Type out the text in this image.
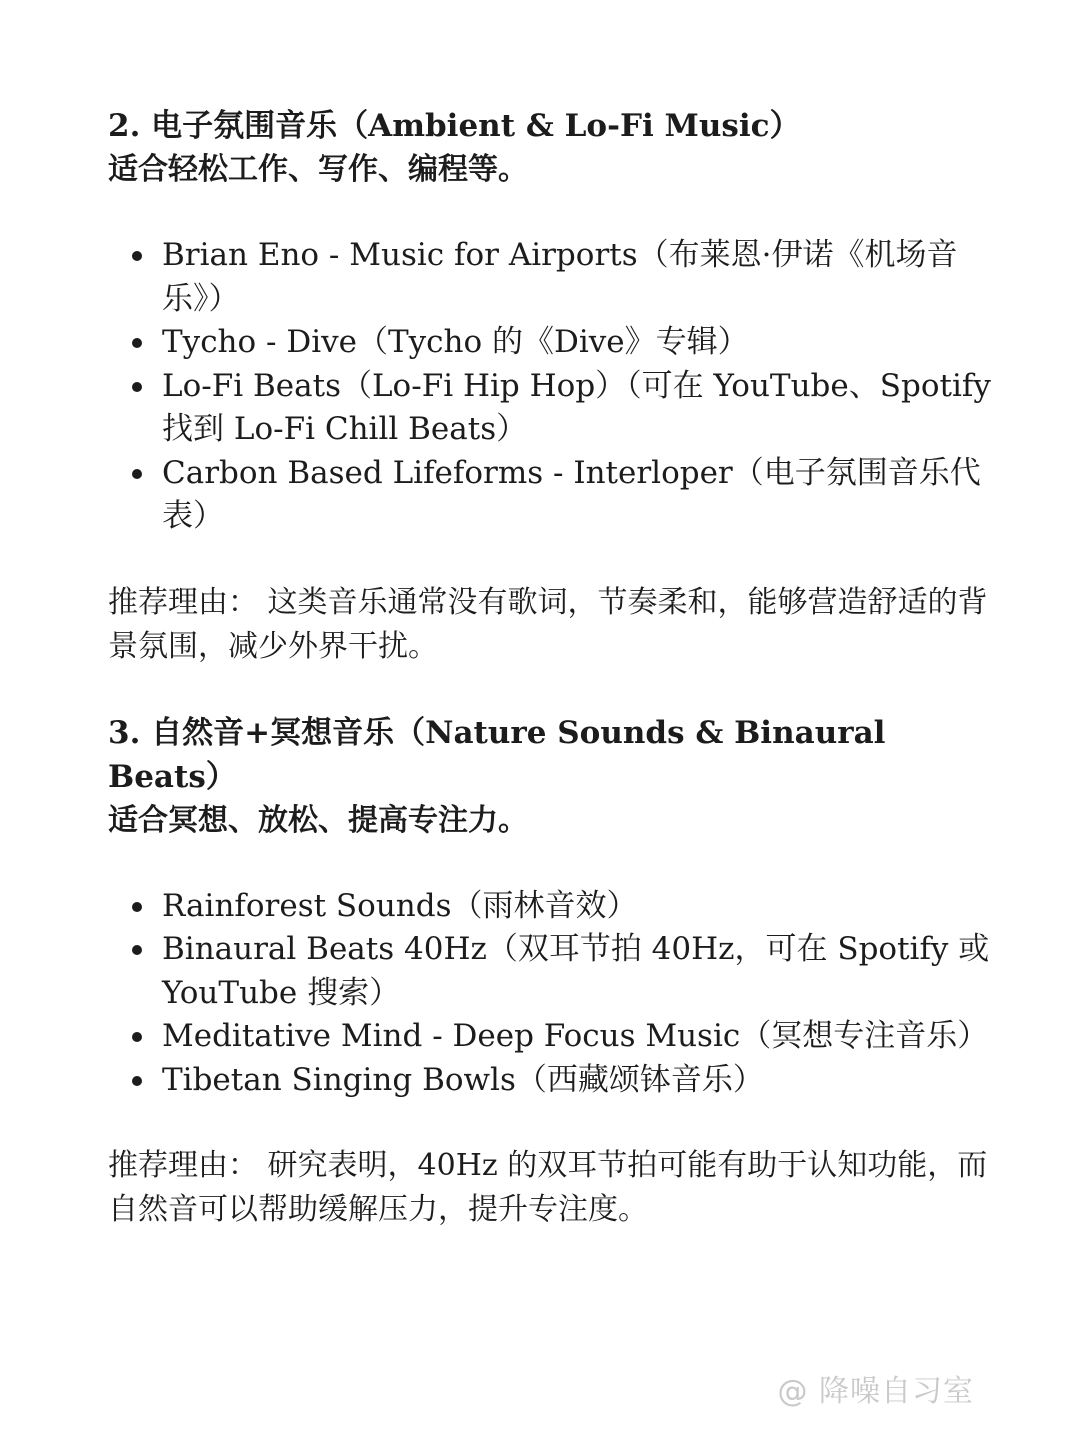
2. 电子氛围音乐（Ambient & Lo-Fi Music）

适合轻松工作、写作、编程等。

Brian Eno - Music for Airports（布莱恩·伊诺《机场音乐》）
Tycho - Dive（Tycho 的《Dive》专辑）
Lo-Fi Beats（Lo-Fi Hip Hop）（可在 YouTube、Spotify 找到 Lo-Fi Chill Beats）
Carbon Based Lifeforms - Interloper（电子氛围音乐代表）

推荐理由： 这类音乐通常没有歌词，节奏柔和，能够营造舒适的背景氛围，减少外界干扰。

3. 自然音+冥想音乐（Nature Sounds & Binaural Beats）

适合冥想、放松、提高专注力。

Rainforest Sounds（雨林音效）
Binaural Beats 40Hz（双耳节拍 40Hz，可在 Spotify 或 YouTube 搜索）
Meditative Mind - Deep Focus Music（冥想专注音乐）
Tibetan Singing Bowls（西藏颂钵音乐）

推荐理由： 研究表明，40Hz 的双耳节拍可能有助于认知功能，而自然音可以帮助缓解压力，提升专注度。

@ 降噪自习室
